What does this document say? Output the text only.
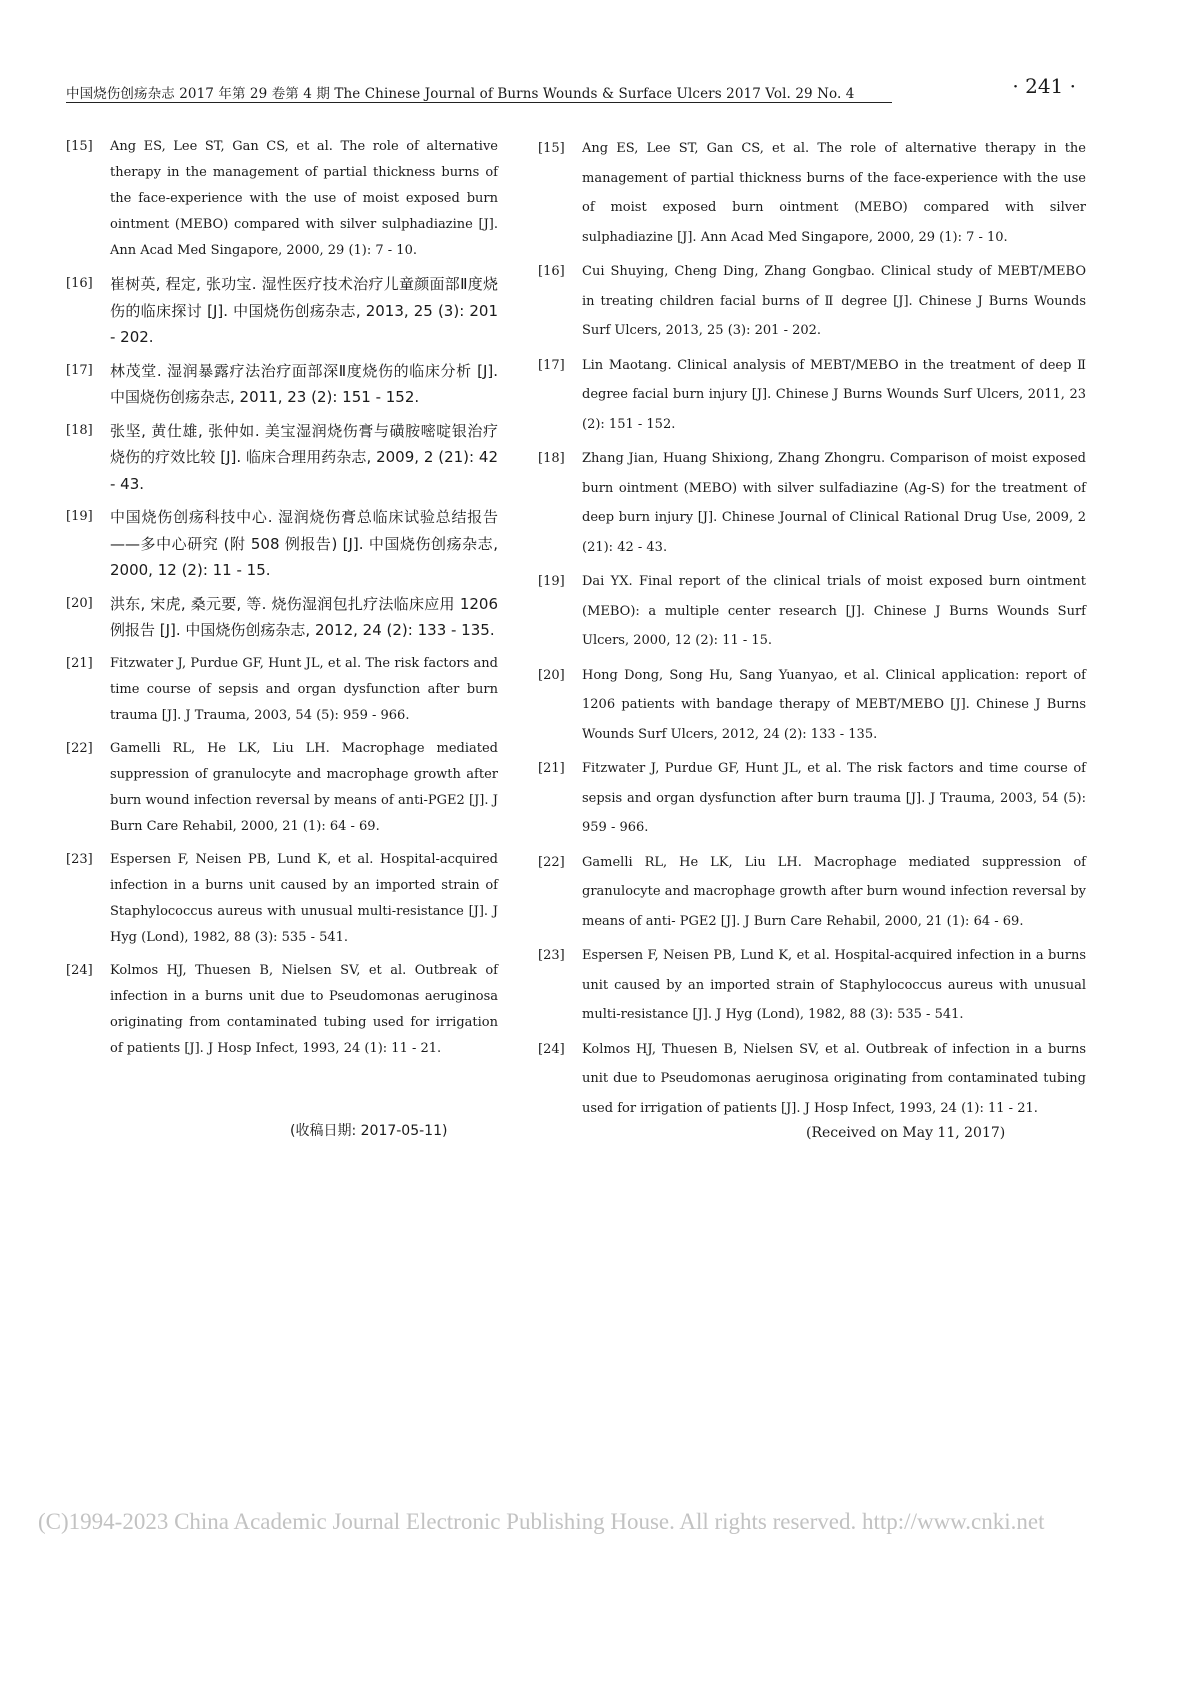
中国烧伤创疡杂志 2017 年第 29 卷第 4 期 The Chinese Journal of Burns Wounds & Surface Ulcers 2017 Vol. 29 No. 4	· 241 ·
[15] Ang ES, Lee ST, Gan CS, et al. The role of alternative therapy in the management of partial thickness burns of the face-experience with the use of moist exposed burn ointment (MEBO) compared with silver sulphadiazine [J]. Ann Acad Med Singapore, 2000, 29 (1): 7 - 10.
[16] 崔树英, 程定, 张功宝. 湿性医疗技术治疗儿童颜面部Ⅱ度烧伤的临床探讨 [J]. 中国烧伤创疡杂志, 2013, 25 (3): 201 - 202.
[17] 林茂堂. 湿润暴露疗法治疗面部深Ⅱ度烧伤的临床分析 [J]. 中国烧伤创疡杂志, 2011, 23 (2): 151 - 152.
[18] 张坚, 黄仕雄, 张仲如. 美宝湿润烧伤膏与磺胺嘧啶银治疗烧伤的疗效比较 [J]. 临床合理用药杂志, 2009, 2 (21): 42 - 43.
[19] 中国烧伤创疡科技中心. 湿润烧伤膏总临床试验总结报告——多中心研究 (附 508 例报告) [J]. 中国烧伤创疡杂志, 2000, 12 (2): 11 - 15.
[20] 洪东, 宋虎, 桑元要, 等. 烧伤湿润包扎疗法临床应用 1206 例报告 [J]. 中国烧伤创疡杂志, 2012, 24 (2): 133 - 135.
[21] Fitzwater J, Purdue GF, Hunt JL, et al. The risk factors and time course of sepsis and organ dysfunction after burn trauma [J]. J Trauma, 2003, 54 (5): 959 - 966.
[22] Gamelli RL, He LK, Liu LH. Macrophage mediated suppression of granulocyte and macrophage growth after burn wound infection reversal by means of anti-PGE2 [J]. J Burn Care Rehabil, 2000, 21 (1): 64 - 69.
[23] Espersen F, Neisen PB, Lund K, et al. Hospital-acquired infection in a burns unit caused by an imported strain of Staphylococcus aureus with unusual multi-resistance [J]. J Hyg (Lond), 1982, 88 (3): 535 - 541.
[24] Kolmos HJ, Thuesen B, Nielsen SV, et al. Outbreak of infection in a burns unit due to Pseudomonas aeruginosa originating from contaminated tubing used for irrigation of patients [J]. J Hosp Infect, 1993, 24 (1): 11 - 21.
[15] Ang ES, Lee ST, Gan CS, et al. The role of alternative therapy in the management of partial thickness burns of the face-experience with the use of moist exposed burn ointment (MEBO) compared with silver sulphadiazine [J]. Ann Acad Med Singapore, 2000, 29 (1): 7 - 10.
[16] Cui Shuying, Cheng Ding, Zhang Gongbao. Clinical study of MEBT/MEBO in treating children facial burns of Ⅱ degree [J]. Chinese J Burns Wounds Surf Ulcers, 2013, 25 (3): 201 - 202.
[17] Lin Maotang. Clinical analysis of MEBT/MEBO in the treatment of deep Ⅱ degree facial burn injury [J]. Chinese J Burns Wounds Surf Ulcers, 2011, 23 (2): 151 - 152.
[18] Zhang Jian, Huang Shixiong, Zhang Zhongru. Comparison of moist exposed burn ointment (MEBO) with silver sulfadiazine (Ag-S) for the treatment of deep burn injury [J]. Chinese Journal of Clinical Rational Drug Use, 2009, 2 (21): 42 - 43.
[19] Dai YX. Final report of the clinical trials of moist exposed burn ointment (MEBO): a multiple center research [J]. Chinese J Burns Wounds Surf Ulcers, 2000, 12 (2): 11 - 15.
[20] Hong Dong, Song Hu, Sang Yuanyao, et al. Clinical application: report of 1206 patients with bandage therapy of MEBT/MEBO [J]. Chinese J Burns Wounds Surf Ulcers, 2012, 24 (2): 133 - 135.
[21] Fitzwater J, Purdue GF, Hunt JL, et al. The risk factors and time course of sepsis and organ dysfunction after burn trauma [J]. J Trauma, 2003, 54 (5): 959 - 966.
[22] Gamelli RL, He LK, Liu LH. Macrophage mediated suppression of granulocyte and macrophage growth after burn wound infection reversal by means of anti- PGE2 [J]. J Burn Care Rehabil, 2000, 21 (1): 64 - 69.
[23] Espersen F, Neisen PB, Lund K, et al. Hospital-acquired infection in a burns unit caused by an imported strain of Staphylococcus aureus with unusual multi-resistance [J]. J Hyg (Lond), 1982, 88 (3): 535 - 541.
[24] Kolmos HJ, Thuesen B, Nielsen SV, et al. Outbreak of infection in a burns unit due to Pseudomonas aeruginosa originating from contaminated tubing used for irrigation of patients [J]. J Hosp Infect, 1993, 24 (1): 11 - 21.
(收稿日期: 2017-05-11)	(Received on May 11, 2017)
(C)1994-2023 China Academic Journal Electronic Publishing House. All rights reserved. http://www.cnki.net
